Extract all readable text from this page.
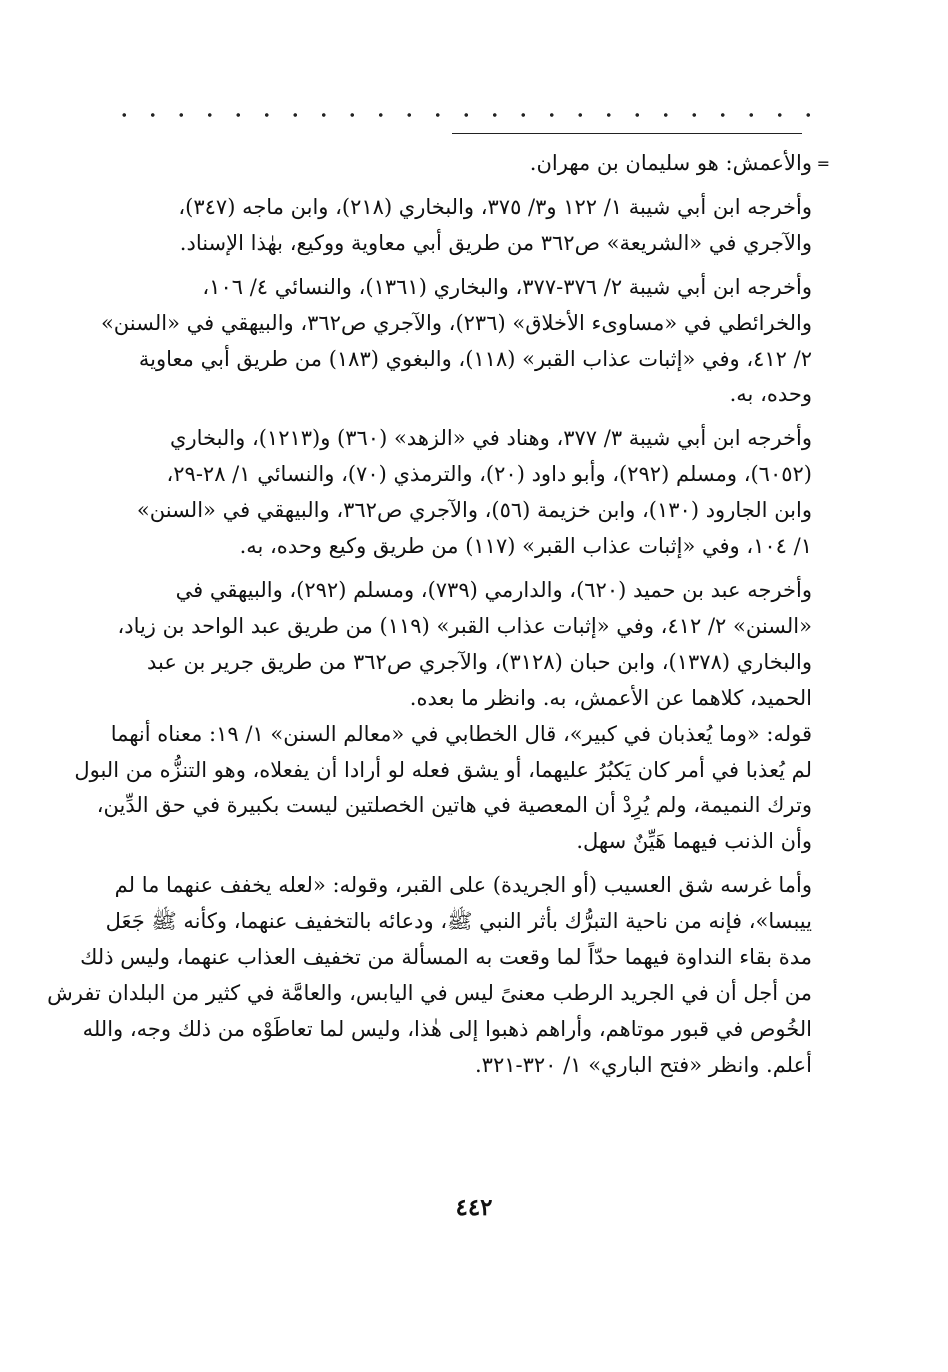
=
والأعمش: هو سليمان بن مهران.
وأخرجه ابن أبي شيبة ١/ ١٢٢ و٣/ ٣٧٥، والبخاري (٢١٨)، وابن ماجه (٣٤٧)،
والآجري في «الشريعة» ص٣٦٢ من طريق أبي معاوية ووكيع، بهٰذا الإسناد.
وأخرجه ابن أبي شيبة ٢/ ٣٧٦-٣٧٧، والبخاري (١٣٦١)، والنسائي ٤/ ١٠٦،
والخرائطي في «مساوىء الأخلاق» (٢٣٦)، والآجري ص٣٦٢، والبيهقي في «السنن»
٢/ ٤١٢، وفي «إثبات عذاب القبر» (١١٨)، والبغوي (١٨٣) من طريق أبي معاوية
وحده، به.
وأخرجه ابن أبي شيبة ٣/ ٣٧٧، وهناد في «الزهد» (٣٦٠) و(١٢١٣)، والبخاري
(٦٠٥٢)، ومسلم (٢٩٢)، وأبو داود (٢٠)، والترمذي (٧٠)، والنسائي ١/ ٢٨-٢٩،
وابن الجارود (١٣٠)، وابن خزيمة (٥٦)، والآجري ص٣٦٢، والبيهقي في «السنن»
١/ ١٠٤، وفي «إثبات عذاب القبر» (١١٧) من طريق وكيع وحده، به.
وأخرجه عبد بن حميد (٦٢٠)، والدارمي (٧٣٩)، ومسلم (٢٩٢)، والبيهقي في
«السنن» ٢/ ٤١٢، وفي «إثبات عذاب القبر» (١١٩) من طريق عبد الواحد بن زياد،
والبخاري (١٣٧٨)، وابن حبان (٣١٢٨)، والآجري ص٣٦٢ من طريق جرير بن عبد
الحميد، كلاهما عن الأعمش، به. وانظر ما بعده.
قوله: «وما يُعذبان في كبير»، قال الخطابي في «معالم السنن» ١/ ١٩: معناه أنهما
لم يُعذبا في أمر كان يَكبُرُ عليهما، أو يشق فعله لو أرادا أن يفعلاه، وهو التنزُّه من البول
وترك النميمة، ولم يُرِدْ أن المعصية في هاتين الخصلتين ليست بكبيرة في حق الدِّين،
وأن الذنب فيهما هَيِّنٌ سهل.
وأما غرسه شق العسيب (أو الجريدة) على القبر، وقوله: «لعله يخفف عنهما ما لم
ييبسا»، فإنه من ناحية التبرُّك بأثر النبي ﷺ، ودعائه بالتخفيف عنهما، وكأنه ﷺ جَعَل
مدة بقاء النداوة فيهما حدّاً لما وقعت به المسألة من تخفيف العذاب عنهما، وليس ذلك
من أجل أن في الجريد الرطب معنىً ليس في اليابس، والعامَّة في كثير من البلدان تفرش
الخُوص في قبور موتاهم، وأراهم ذهبوا إلى هٰذا، وليس لما تعاطَوْه من ذلك وجه، والله
أعلم. وانظر «فتح الباري» ١/ ٣٢٠-٣٢١.
٤٤٢
